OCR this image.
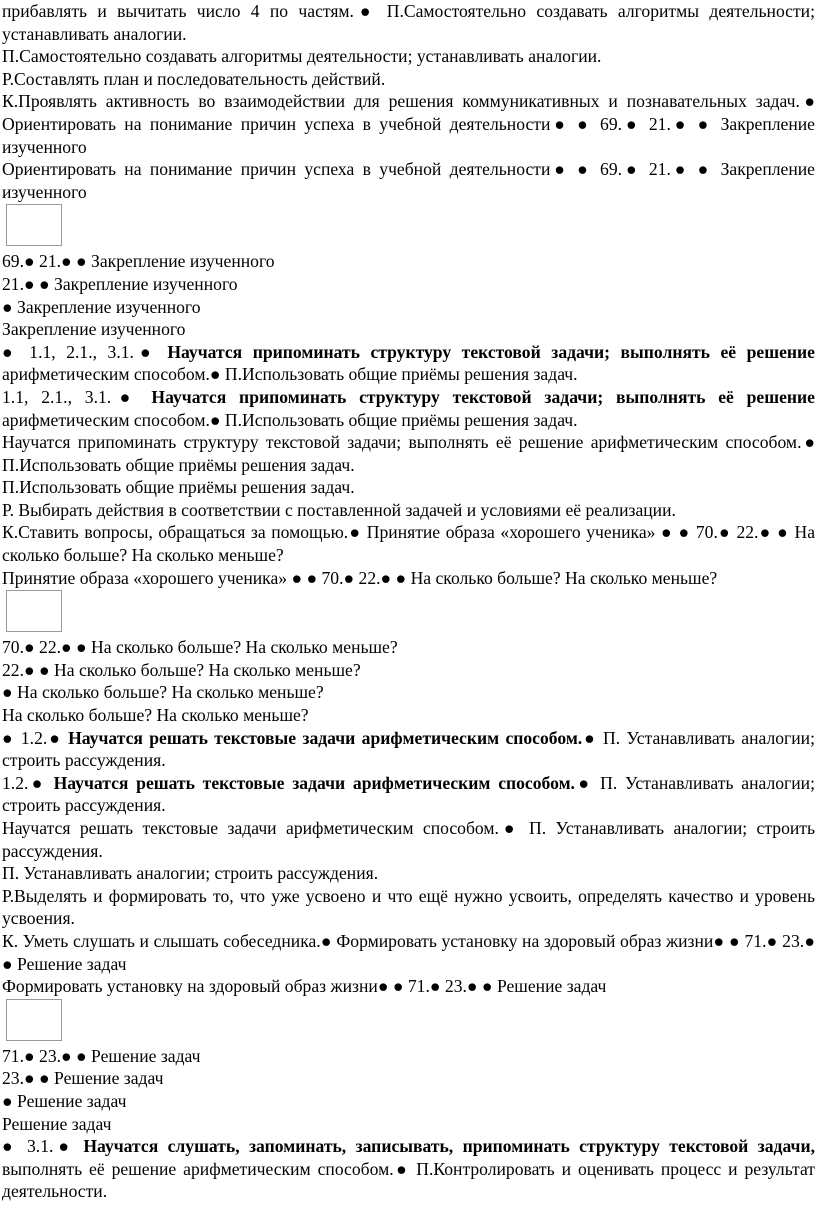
прибавлять и вычитать число 4 по частям.● П.Самостоятельно создавать алгоритмы деятельности; устанавливать аналогии.

П.Самостоятельно создавать алгоритмы деятельности; устанавливать аналогии.

Р.Составлять план и последовательность действий.

К.Проявлять активность во взаимодействии для решения коммуникативных и познавательных задач.● Ориентировать на понимание причин успеха в учебной деятельности● ● 69.● 21.● ● Закрепление изученного

Ориентировать на понимание причин успеха в учебной деятельности● ● 69.● 21.● ● Закрепление изученного

69.● 21.● ● Закрепление изученного

21.● ● Закрепление изученного

● Закрепление изученного

Закрепление изученного

● 1.1, 2.1., 3.1.● Научатся припоминать структуру текстовой задачи; выполнять её решение арифметическим способом.● П.Использовать общие приёмы решения задач.

1.1, 2.1., 3.1.● Научатся припоминать структуру текстовой задачи; выполнять её решение арифметическим способом.● П.Использовать общие приёмы решения задач.

Научатся припоминать структуру текстовой задачи; выполнять её решение арифметическим способом.● П.Использовать общие приёмы решения задач.

П.Использовать общие приёмы решения задач.

Р. Выбирать действия в соответствии с поставленной задачей и условиями её реализации.

К.Ставить вопросы, обращаться за помощью.● Принятие образа «хорошего ученика» ● ● 70.● 22.● ● На сколько больше? На сколько меньше?

Принятие образа «хорошего ученика» ● ● 70.● 22.● ● На сколько больше? На сколько меньше?

70.● 22.● ● На сколько больше? На сколько меньше?

22.● ● На сколько больше? На сколько меньше?

● На сколько больше? На сколько меньше?

На сколько больше? На сколько меньше?

● 1.2.● Научатся решать текстовые задачи арифметическим способом.● П. Устанавливать аналогии; строить рассуждения.

1.2.● Научатся решать текстовые задачи арифметическим способом.● П. Устанавливать аналогии; строить рассуждения.

Научатся решать текстовые задачи арифметическим способом.● П. Устанавливать аналогии; строить рассуждения.

П. Устанавливать аналогии; строить рассуждения.

Р.Выделять и формировать то, что уже усвоено и что ещё нужно усвоить, определять качество и уровень усвоения.

К. Уметь слушать и слышать собеседника.● Формировать установку на здоровый образ жизни● ● 71.● 23.● ● Решение задач

Формировать установку на здоровый образ жизни● ● 71.● 23.● ● Решение задач

71.● 23.● ● Решение задач

23.● ● Решение задач

● Решение задач

Решение задач

● 3.1.● Научатся слушать, запоминать, записывать, припоминать структуру текстовой задачи, выполнять её решение арифметическим способом.● П.Контролировать и оценивать процесс и результат деятельности.
